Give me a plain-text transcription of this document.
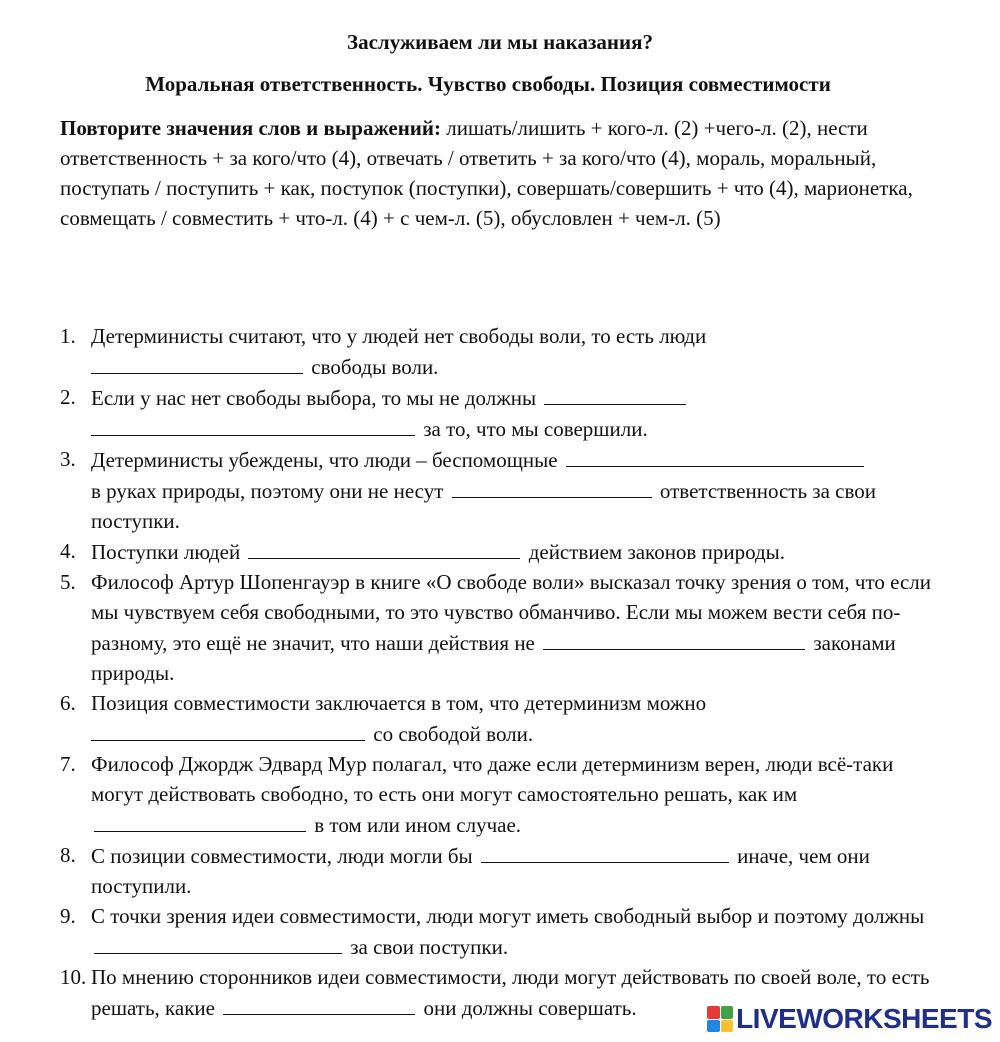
Заслуживаем ли мы наказания?
Моральная ответственность. Чувство свободы. Позиция совместимости
Повторите значения слов и выражений: лишать/лишить + кого-л. (2) +чего-л. (2), нести ответственность + за кого/что (4), отвечать / ответить + за кого/что (4), мораль, моральный, поступать / поступить + как, поступок (поступки), совершать/совершить + что (4), марионетка, совмещать / совместить + что-л. (4) + с чем-л. (5), обусловлен + чем-л. (5)
1. Детерминисты считают, что у людей нет свободы воли, то есть люди
свободы воли.
2. Если у нас нет свободы выбора, то мы не должны
за то, что мы совершили.
3. Детерминисты убеждены, что люди – беспомощные
в руках природы, поэтому они не несут	ответственность за свои поступки.
4. Поступки людей	действием законов природы.
5. Философ Артур Шопенгауэр в книге «О свободе воли» высказал точку зрения о том, что если мы чувствуем себя свободными, то это чувство обманчиво. Если мы можем вести себя по-разному, это ещё не значит, что наши действия не	законами природы.
6. Позиция совместимости заключается в том, что детерминизм можно
со свободой воли.
7. Философ Джордж Эдвард Мур полагал, что даже если детерминизм верен, люди всё-таки могут действовать свободно, то есть они могут самостоятельно решать, как им  в том или ином случае.
8. С позиции совместимости, люди могли бы	иначе, чем они поступили.
9. С точки зрения идеи совместимости, люди могут иметь свободный выбор и поэтому должны  за свои поступки.
10. По мнению сторонников идеи совместимости, люди могут действовать по своей воле, то есть решать, какие	они должны совершать.	LIVEWORKSHEETS
